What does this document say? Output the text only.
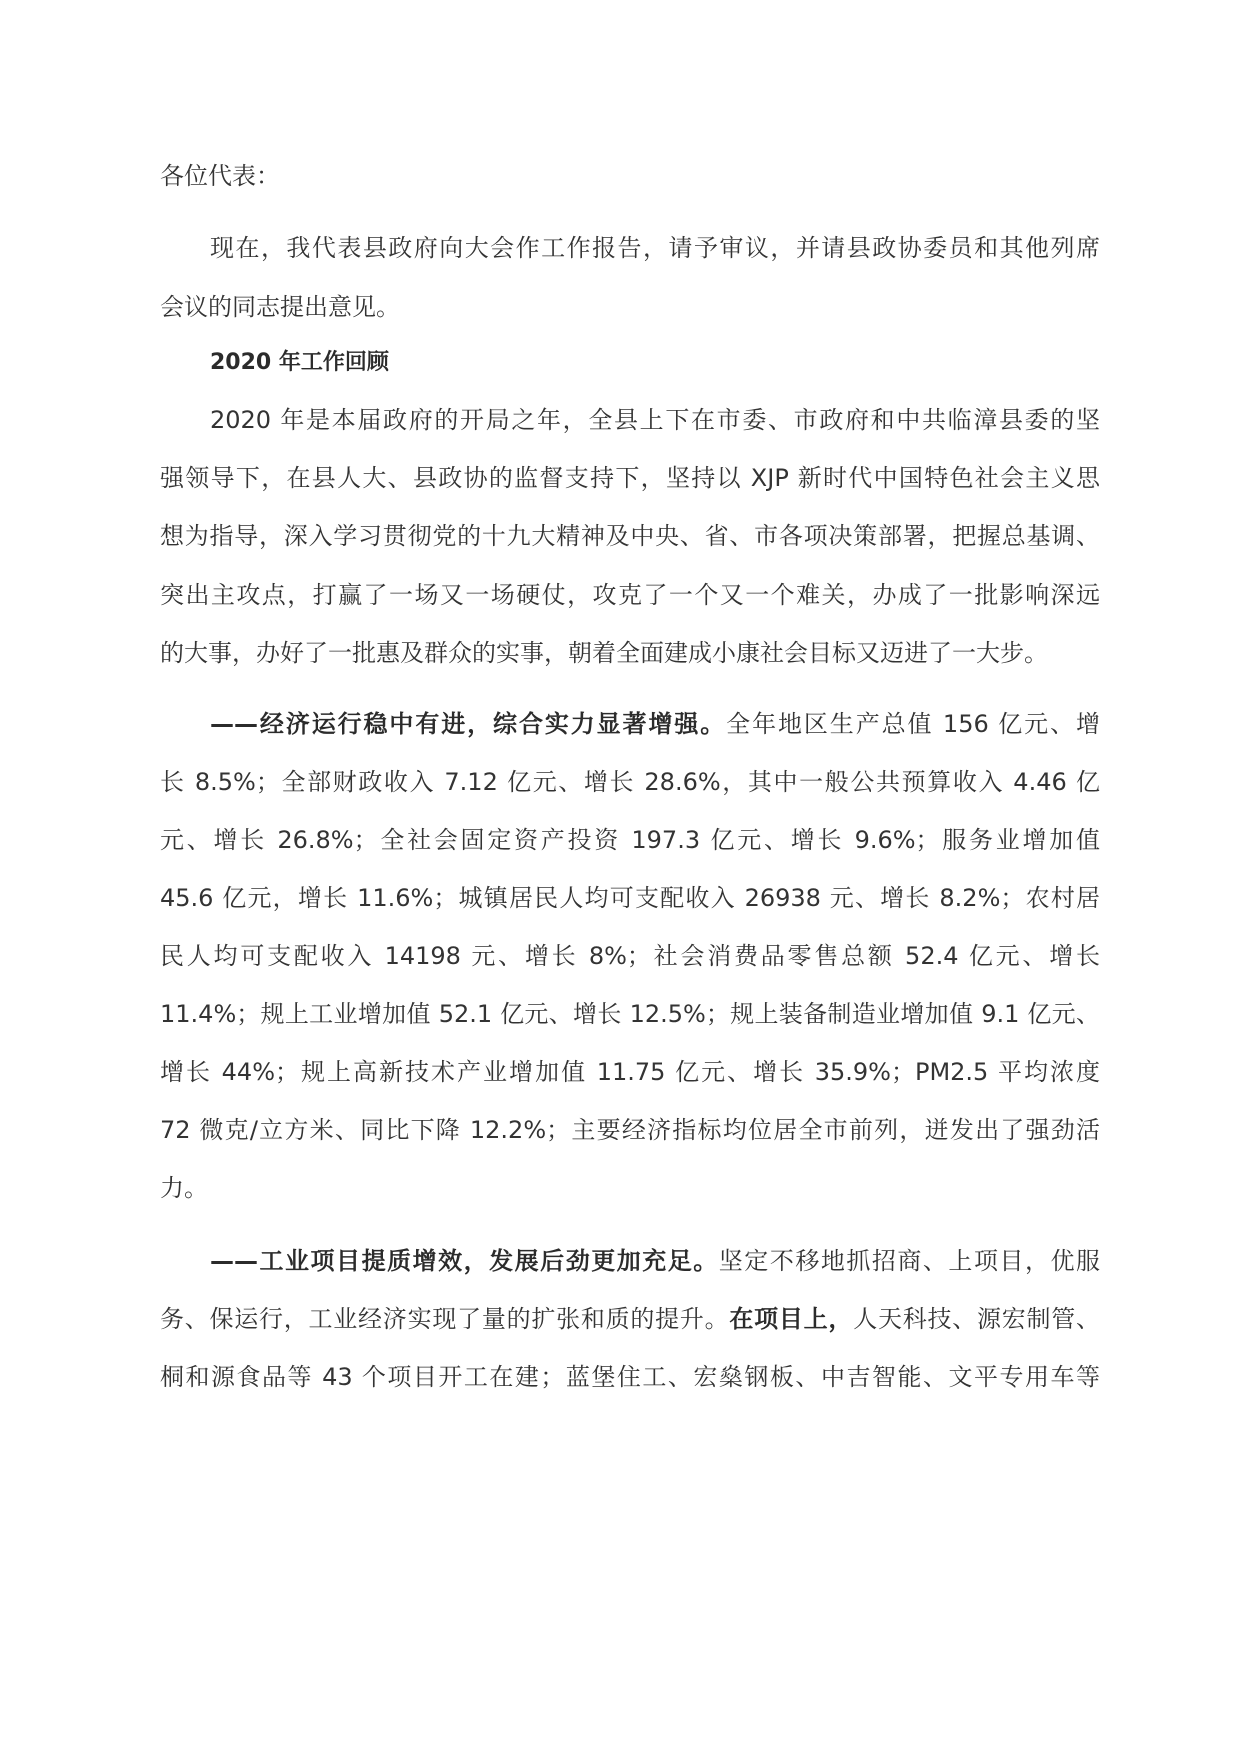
各位代表：
现在，我代表县政府向大会作工作报告，请予审议，并请县政协委员和其他列席
会议的同志提出意见。
2020 年工作回顾
2020 年是本届政府的开局之年，全县上下在市委、市政府和中共临漳县委的坚
强领导下，在县人大、县政协的监督支持下，坚持以 XJP 新时代中国特色社会主义思
想为指导，深入学习贯彻党的十九大精神及中央、省、市各项决策部署，把握总基调、
突出主攻点，打赢了一场又一场硬仗，攻克了一个又一个难关，办成了一批影响深远
的大事，办好了一批惠及群众的实事，朝着全面建成小康社会目标又迈进了一大步。
——经济运行稳中有进，综合实力显著增强。全年地区生产总值 156 亿元、增
长 8.5%；全部财政收入 7.12 亿元、增长 28.6%，其中一般公共预算收入 4.46 亿
元、增长 26.8%；全社会固定资产投资 197.3 亿元、增长 9.6%；服务业增加值
45.6 亿元，增长 11.6%；城镇居民人均可支配收入 26938 元、增长 8.2%；农村居
民人均可支配收入 14198 元、增长 8%；社会消费品零售总额 52.4 亿元、增长
11.4%；规上工业增加值 52.1 亿元、增长 12.5%；规上装备制造业增加值 9.1 亿元、
增长 44%；规上高新技术产业增加值 11.75 亿元、增长 35.9%；PM2.5 平均浓度
72 微克/立方米、同比下降 12.2%；主要经济指标均位居全市前列，迸发出了强劲活
力。
——工业项目提质增效，发展后劲更加充足。坚定不移地抓招商、上项目，优服
务、保运行，工业经济实现了量的扩张和质的提升。在项目上，人天科技、源宏制管、
桐和源食品等 43 个项目开工在建；蓝堡住工、宏燊钢板、中吉智能、文平专用车等
